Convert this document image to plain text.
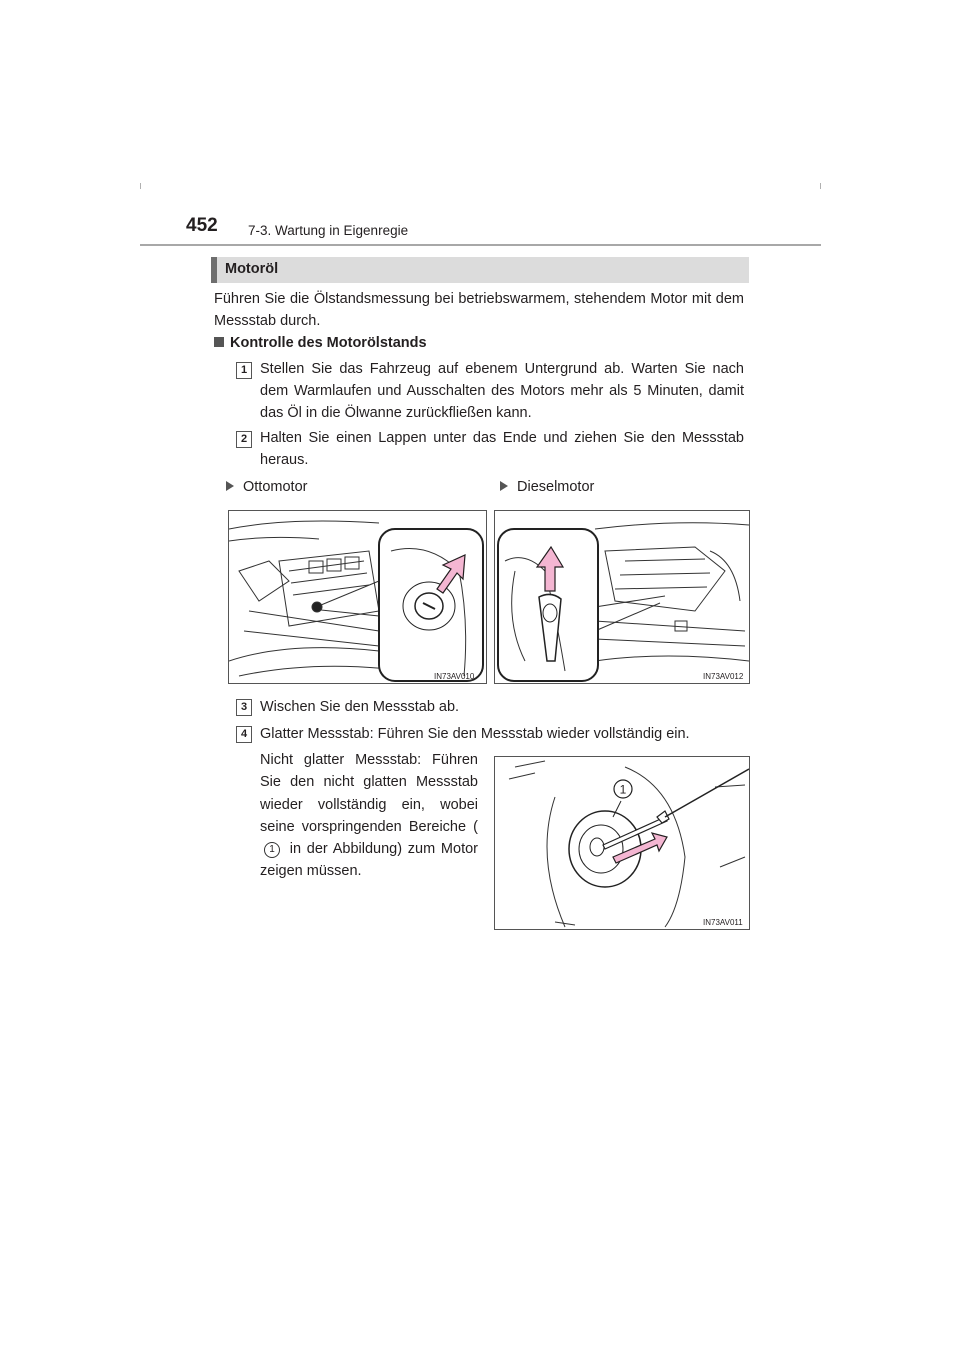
452 7-3. Wartung in Eigenregie
Motoröl
Führen Sie die Ölstandsmessung bei betriebswarmem, stehendem Motor mit dem Messstab durch.
Kontrolle des Motorölstands
1 Stellen Sie das Fahrzeug auf ebenem Untergrund ab. Warten Sie nach dem Warmlaufen und Ausschalten des Motors mehr als 5 Minuten, damit das Öl in die Ölwanne zurückfließen kann.
2 Halten Sie einen Lappen unter das Ende und ziehen Sie den Messstab heraus.
Ottomotor	Dieselmotor
IN73AV010	IN73AV012
3 Wischen Sie den Messstab ab.
4 Glatter Messstab: Führen Sie den Messstab wieder vollständig ein.
Nicht glatter Messstab: Führen Sie den nicht glatten Messstab wieder vollständig ein, wobei seine vorspringenden Bereiche (1 in der Abbildung) zum Motor zeigen müssen.
1
IN73AV011
